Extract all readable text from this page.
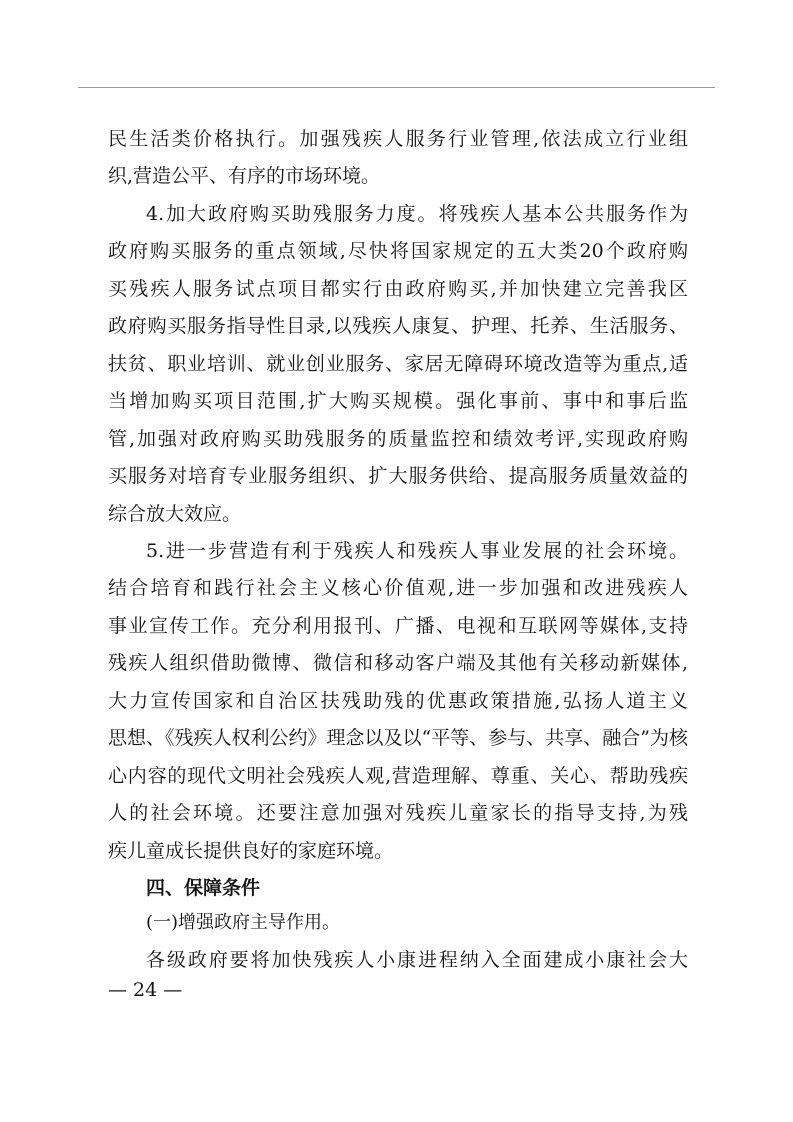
民生活类价格执行。加强残疾人服务行业管理,依法成立行业组
织,营造公平、有序的市场环境。
4.加大政府购买助残服务力度。将残疾人基本公共服务作为
政府购买服务的重点领域,尽快将国家规定的五大类20个政府购
买残疾人服务试点项目都实行由政府购买,并加快建立完善我区
政府购买服务指导性目录,以残疾人康复、护理、托养、生活服务、
扶贫、职业培训、就业创业服务、家居无障碍环境改造等为重点,适
当增加购买项目范围,扩大购买规模。强化事前、事中和事后监
管,加强对政府购买助残服务的质量监控和绩效考评,实现政府购
买服务对培育专业服务组织、扩大服务供给、提高服务质量效益的
综合放大效应。
5.进一步营造有利于残疾人和残疾人事业发展的社会环境。
结合培育和践行社会主义核心价值观,进一步加强和改进残疾人
事业宣传工作。充分利用报刊、广播、电视和互联网等媒体,支持
残疾人组织借助微博、微信和移动客户端及其他有关移动新媒体,
大力宣传国家和自治区扶残助残的优惠政策措施,弘扬人道主义
思想、《残疾人权利公约》理念以及以“平等、参与、共享、融合”为核
心内容的现代文明社会残疾人观,营造理解、尊重、关心、帮助残疾
人的社会环境。还要注意加强对残疾儿童家长的指导支持,为残
疾儿童成长提供良好的家庭环境。
四、保障条件
(一)增强政府主导作用。
各级政府要将加快残疾人小康进程纳入全面建成小康社会大
— 24 —
